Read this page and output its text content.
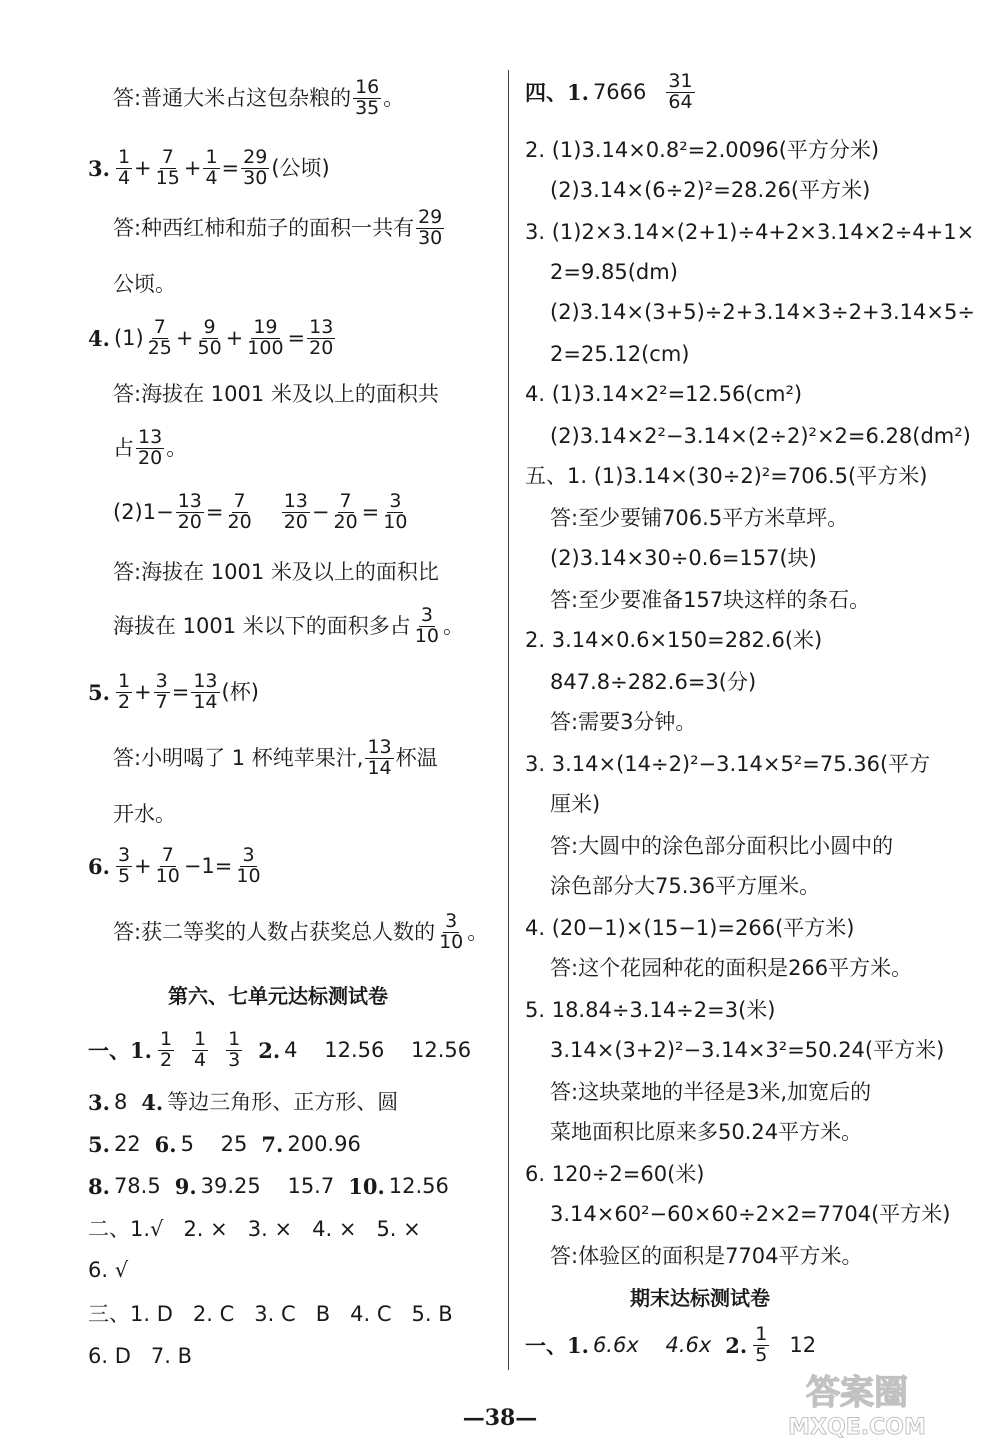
答:普通大米占这包杂粮的 $\frac{16}{35}$ 。
3. $\frac{1}{4} + \frac{7}{15} + \frac{1}{4} = \frac{29}{30}$ (公顷)
答:种西红柿和茄子的面积一共有 $\frac{29}{30}$
公顷。
4. $(1) \frac{7}{25} + \frac{9}{50} + \frac{19}{100} = \frac{13}{20}$
答:海拔在 1001 米及以上的面积共
占 $\frac{13}{20}$ 。
$(2)1- \frac{13}{20} = \frac{7}{20} \frac{13}{20} - \frac{7}{20} = \frac{3}{10}$
答:海拔在 1001 米及以上的面积比
海拔在 1001 米以下的面积多占 $\frac{3}{10}$ 。
5. $\frac{1}{2} + \frac{3}{7} = \frac{13}{14}$ (杯)
答:小明喝了 1 杯纯苹果汁, $\frac{13}{14}$ 杯温
开水。
6. $\frac{3}{5} + \frac{7}{10} -1= \frac{3}{10}$
答:获二等奖的人数占获奖总人数的 $\frac{3}{10}$ 。
第六、七单元达标测试卷
一、1. $\frac{1}{2} \frac{1}{4} \frac{1}{3} 2$. 4    12.56    12.56
3. 8 4. 等边三角形、正方形、圆
5. 22 6. 5    25 7. 200.96
8. 78.5 9. 39.25    15.7 10. 12.56
二、1.√   2. ×   3. ×   4. ×   5. ×
6. √
三、1. D   2. C   3. C   B   4. C   5. B
6. D   7. B
四、1. $7666 \frac{31}{64}$
2. (1)3.14×0.8²=2.0096(平方分米)
(2)3.14×(6÷2)²=28.26(平方米)
3. (1)2×3.14×(2+1)÷4+2×3.14×2÷4+1×
2=9.85(dm)
(2)3.14×(3+5)÷2+3.14×3÷2+3.14×5÷
2=25.12(cm)
4. (1)3.14×2²=12.56(cm²)
(2)3.14×2²−3.14×(2÷2)²×2=6.28(dm²)
五、1. (1)3.14×(30÷2)²=706.5(平方米)
答:至少要铺706.5平方米草坪。
(2)3.14×30÷0.6=157(块)
答:至少要准备157块这样的条石。
2. 3.14×0.6×150=282.6(米)
847.8÷282.6=3(分)
答:需要3分钟。
3. 3.14×(14÷2)²−3.14×5²=75.36(平方
厘米)
答:大圆中的涂色部分面积比小圆中的
涂色部分大75.36平方厘米。
4. (20−1)×(15−1)=266(平方米)
答:这个花园种花的面积是266平方米。
5. 18.84÷3.14÷2=3(米)
3.14×(3+2)²−3.14×3²=50.24(平方米)
答:这块菜地的半径是3米,加宽后的
菜地面积比原来多50.24平方米。
6. 120÷2=60(米)
3.14×60²−60×60÷2×2=7704(平方米)
答:体验区的面积是7704平方米。
期末达标测试卷
一、1. 6.6x    4.6x 2. $\frac{1}{5} 12$
—38—
答案圈
MXQE.COM
